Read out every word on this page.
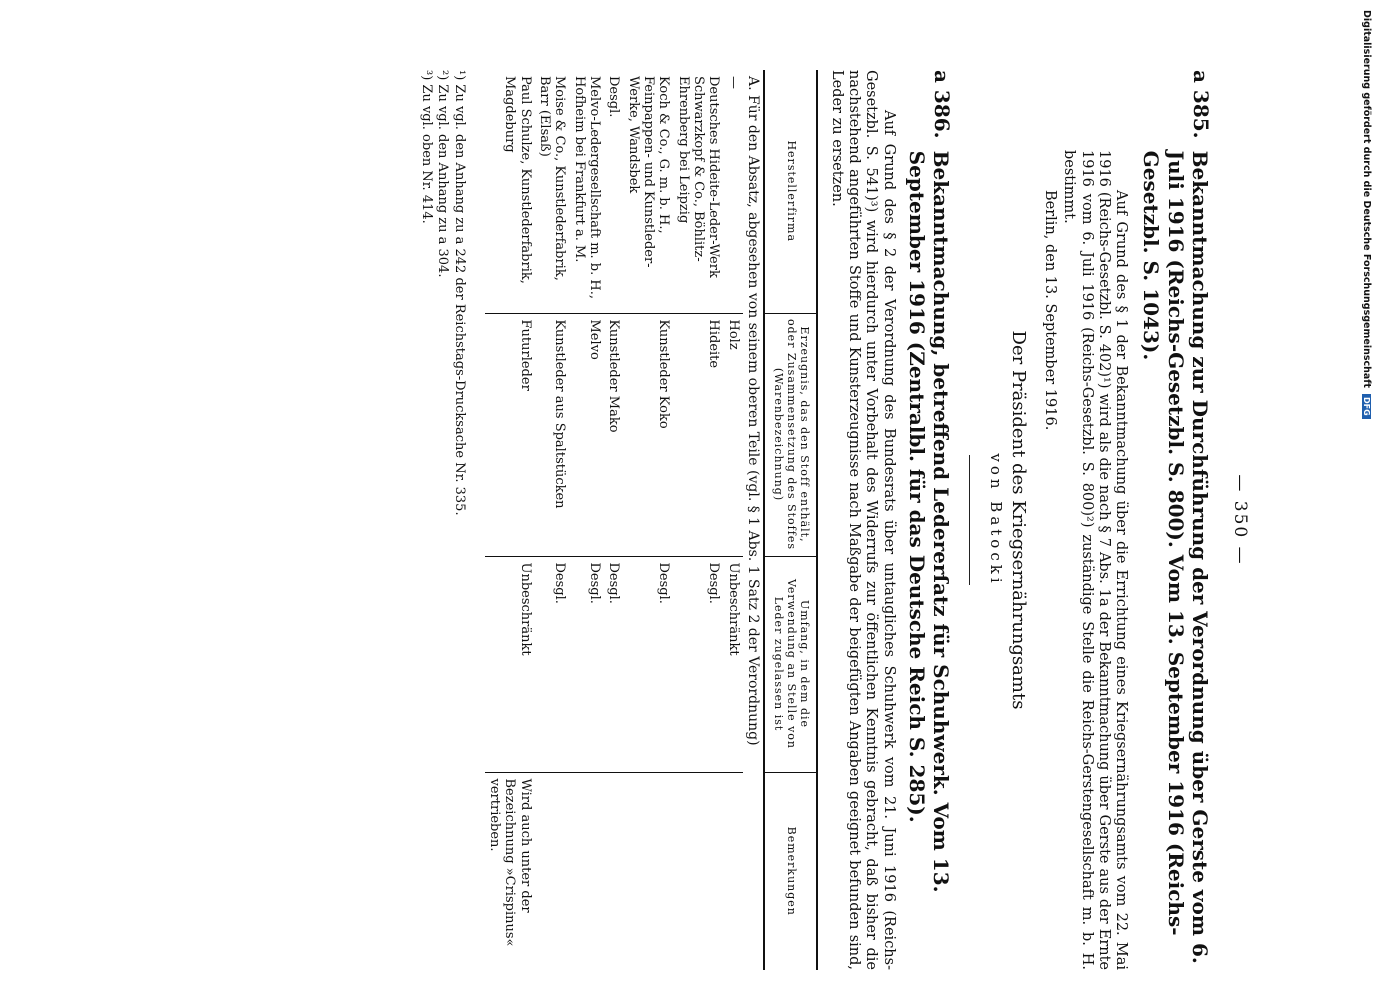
— 350 —
a 385.
Bekanntmachung zur Durchführung der Verordnung über Gerste vom 6. Juli 1916 (Reichs-Gesetzbl. S. 800). Vom 13. September 1916 (Reichs-Gesetzbl. S. 1043).
Auf Grund des § 1 der Bekanntmachung über die Errichtung eines Kriegsernährungsamts vom 22. Mai 1916 (Reichs-Gesetzbl. S. 402)¹) wird als die nach § 7 Abs. 1a der Bekanntmachung über Gerste aus der Ernte 1916 vom 6. Juli 1916 (Reichs-Gesetzbl. S. 800)²) zuständige Stelle die Reichs-Gerstengesellschaft m. b. H. bestimmt.
Berlin, den 13. September 1916.
Der Präsident des Kriegsernährungsamts
von Batocki
a 386.
Bekanntmachung, betreffend Ledererſatz für Schuhwerk. Vom 13. September 1916 (Zentralbl. für das Deutsche Reich S. 285).
Auf Grund des § 2 der Verordnung des Bundesrats über untaugliches Schuhwerk vom 21. Juni 1916 (Reichs-Gesetzbl. S. 541)³) wird hierdurch unter Vorbehalt des Widerrufs zur öffentlichen Kenntnis gebracht, daß bisher die nachstehend angeführten Stoffe und Kunsterzeugnisse nach Maßgabe der beigefügten Angaben geeignet befunden sind, Leder zu ersetzen.
Herstellerfirma	Erzeugnis, das den Stoff enthält, oder Zusammensetzung des Stoffes (Warenbezeichnung)	Umfang, in dem die Verwendung an Stelle von Leder zugelassen ist	Bemerkungen
A. Für den Absatz, abgesehen von seinem oberen Teile (vgl. § 1 Abs. 1 Satz 2 der Verordnung)			
—	Holz	Unbeschränkt	
Deutsches Hideite-Leder-Werk Schwarzkopf & Co., Böhlitz-Ehrenberg bei Leipzig	Hideite	Desgl.	
Koch & Co., G. m. b. H., Feinpappen- und Kunstleder-Werke, Wandsbek	Kunstleder Koko	Desgl.	
Desgl.	Kunstleder Mako	Desgl.	
Melvo-Ledergesellschaft m. b. H., Hofheim bei Frankfurt a. M.	Melvo	Desgl.	
Moise & Co., Kunstlederfabrik, Barr (Elsaß)	Kunstleder aus Spaltstücken	Desgl.	
Paul Schulze, Kunstlederfabrik, Magdeburg	Futurleder	Unbeschränkt	Wird auch unter der Bezeichnung »Crispinus« vertrieben.
¹) Zu vgl. den Anhang zu a 242 der Reichstags-Drucksache Nr. 335.
²) Zu vgl. den Anhang zu a 304.
³) Zu vgl. oben Nr. 414.	Digitalisierung gefördert durch die Deutsche Forschungsgemeinschaft
DFG
